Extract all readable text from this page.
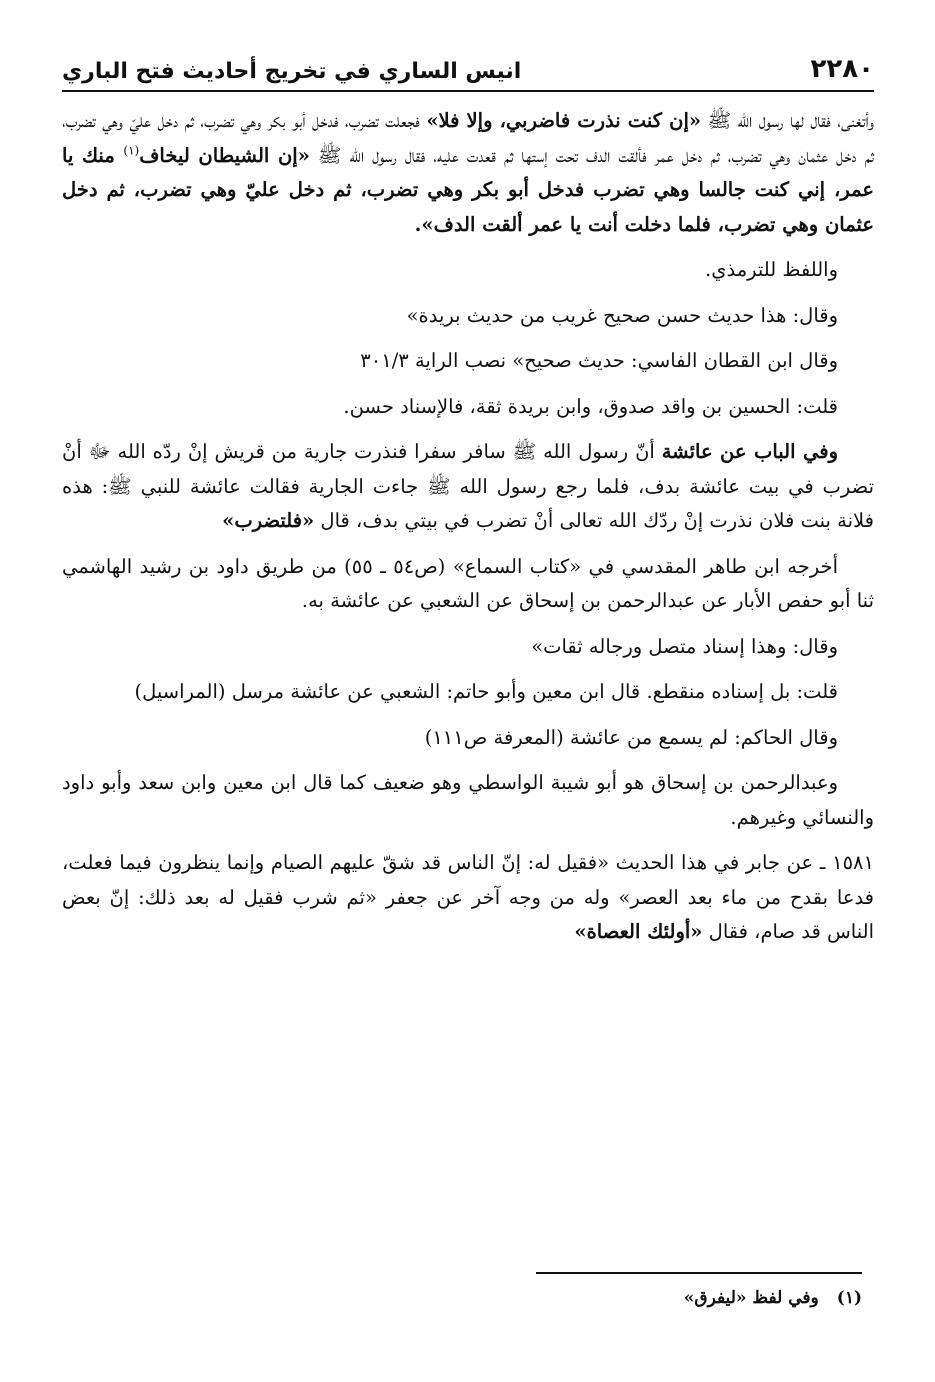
٢٢٨٠
انيس الساري في تخريج أحاديث فتح الباري

وأتغنى، فقال لها رسول الله ﷺ «إن كنت نذرت فاضربي، وإلا فلا» فجعلت تضرب، فدخل أبو بكر وهي تضرب، ثم دخل عليّ وهي تضرب، ثم دخل عثمان وهي تضرب، ثم دخل عمر فألقت الدف تحت إستها ثم قعدت عليه، فقال رسول الله ﷺ «إن الشيطان ليخاف$^{(١)}$ منك يا عمر، إني كنت جالسا وهي تضرب فدخل أبو بكر وهي تضرب، ثم دخل عليّ وهي تضرب، ثم دخل عثمان وهي تضرب، فلما دخلت أنت يا عمر ألقت الدف».

واللفظ للترمذي.

وقال: هذا حديث حسن صحيح غريب من حديث بريدة»

وقال ابن القطان الفاسي: حديث صحيح» نصب الراية ٣٠١/٣

قلت: الحسين بن واقد صدوق، وابن بريدة ثقة، فالإسناد حسن.

وفي الباب عن عائشة أنّ رسول الله ﷺ سافر سفرا فنذرت جارية من قريش إنْ ردّه الله ﷻ أنْ تضرب في بيت عائشة بدف، فلما رجع رسول الله ﷺ جاءت الجارية فقالت عائشة للنبي ﷺ: هذه فلانة بنت فلان نذرت إنْ ردّك الله تعالى أنْ تضرب في بيتي بدف، قال «فلتضرب»

أخرجه ابن طاهر المقدسي في «كتاب السماع» (ص٥٤ ـ ٥٥) من طريق داود بن رشيد الهاشمي ثنا أبو حفص الأبار عن عبدالرحمن بن إسحاق عن الشعبي عن عائشة به.

وقال: وهذا إسناد متصل ورجاله ثقات»

قلت: بل إسناده منقطع. قال ابن معين وأبو حاتم: الشعبي عن عائشة مرسل (المراسيل)

وقال الحاكم: لم يسمع من عائشة (المعرفة ص١١١)

وعبدالرحمن بن إسحاق هو أبو شيبة الواسطي وهو ضعيف كما قال ابن معين وابن سعد وأبو داود والنسائي وغيرهم.

١٥٨١ ـ عن جابر في هذا الحديث «فقيل له: إنّ الناس قد شقّ عليهم الصيام وإنما ينظرون فيما فعلت، فدعا بقدح من ماء بعد العصر» وله من وجه آخر عن جعفر «ثم شرب فقيل له بعد ذلك: إنّ بعض الناس قد صام، فقال «أولئك العصاة»

(١)وفي لفظ «ليفرق»
